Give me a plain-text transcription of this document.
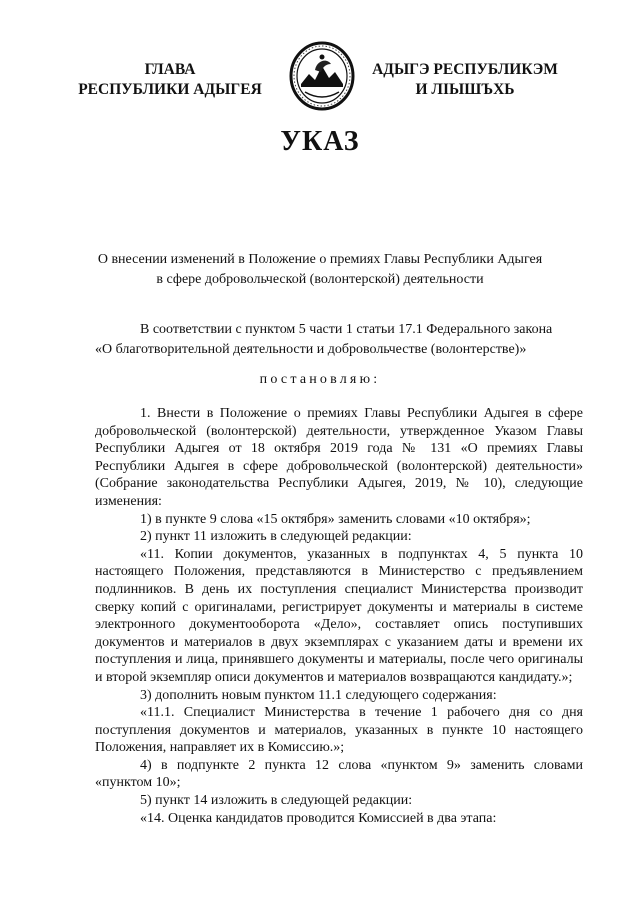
ГЛАВА
РЕСПУБЛИКИ АДЫГЕЯ
АДЫГЭ РЕСПУБЛИКЭМ
И ЛІЫШЪХЬ
УКАЗ
О внесении изменений в Положение о премиях Главы Республики Адыгея
в сфере добровольческой (волонтерской) деятельности
В соответствии с пунктом 5 части 1 статьи 17.1 Федерального закона
«О благотворительной деятельности и добровольчестве (волонтерстве)»
постановляю:

1. Внести в Положение о премиях Главы Республики Адыгея в сфере добровольческой (волонтерской) деятельности, утвержденное Указом Главы Республики Адыгея от 18 октября 2019 года № 131 «О премиях Главы Республики Адыгея в сфере добровольческой (волонтерской) деятельности» (Собрание законодательства Республики Адыгея, 2019, № 10), следующие изменения:

1) в пункте 9 слова «15 октября» заменить словами «10 октября»;

2) пункт 11 изложить в следующей редакции:

«11. Копии документов, указанных в подпунктах 4, 5 пункта 10 настоящего Положения, представляются в Министерство с предъявлением подлинников. В день их поступления специалист Министерства производит сверку копий с оригиналами, регистрирует документы и материалы в системе электронного документооборота «Дело», составляет опись поступивших документов и материалов в двух экземплярах с указанием даты и времени их поступления и лица, принявшего документы и материалы, после чего оригиналы и второй экземпляр описи документов и материалов возвращаются кандидату.»;

3) дополнить новым пунктом 11.1 следующего содержания:

«11.1. Специалист Министерства в течение 1 рабочего дня со дня поступления документов и материалов, указанных в пункте 10 настоящего Положения, направляет их в Комиссию.»;

4) в подпункте 2 пункта 12 слова «пунктом 9» заменить словами «пунктом 10»;

5) пункт 14 изложить в следующей редакции:

«14. Оценка кандидатов проводится Комиссией в два этапа:
